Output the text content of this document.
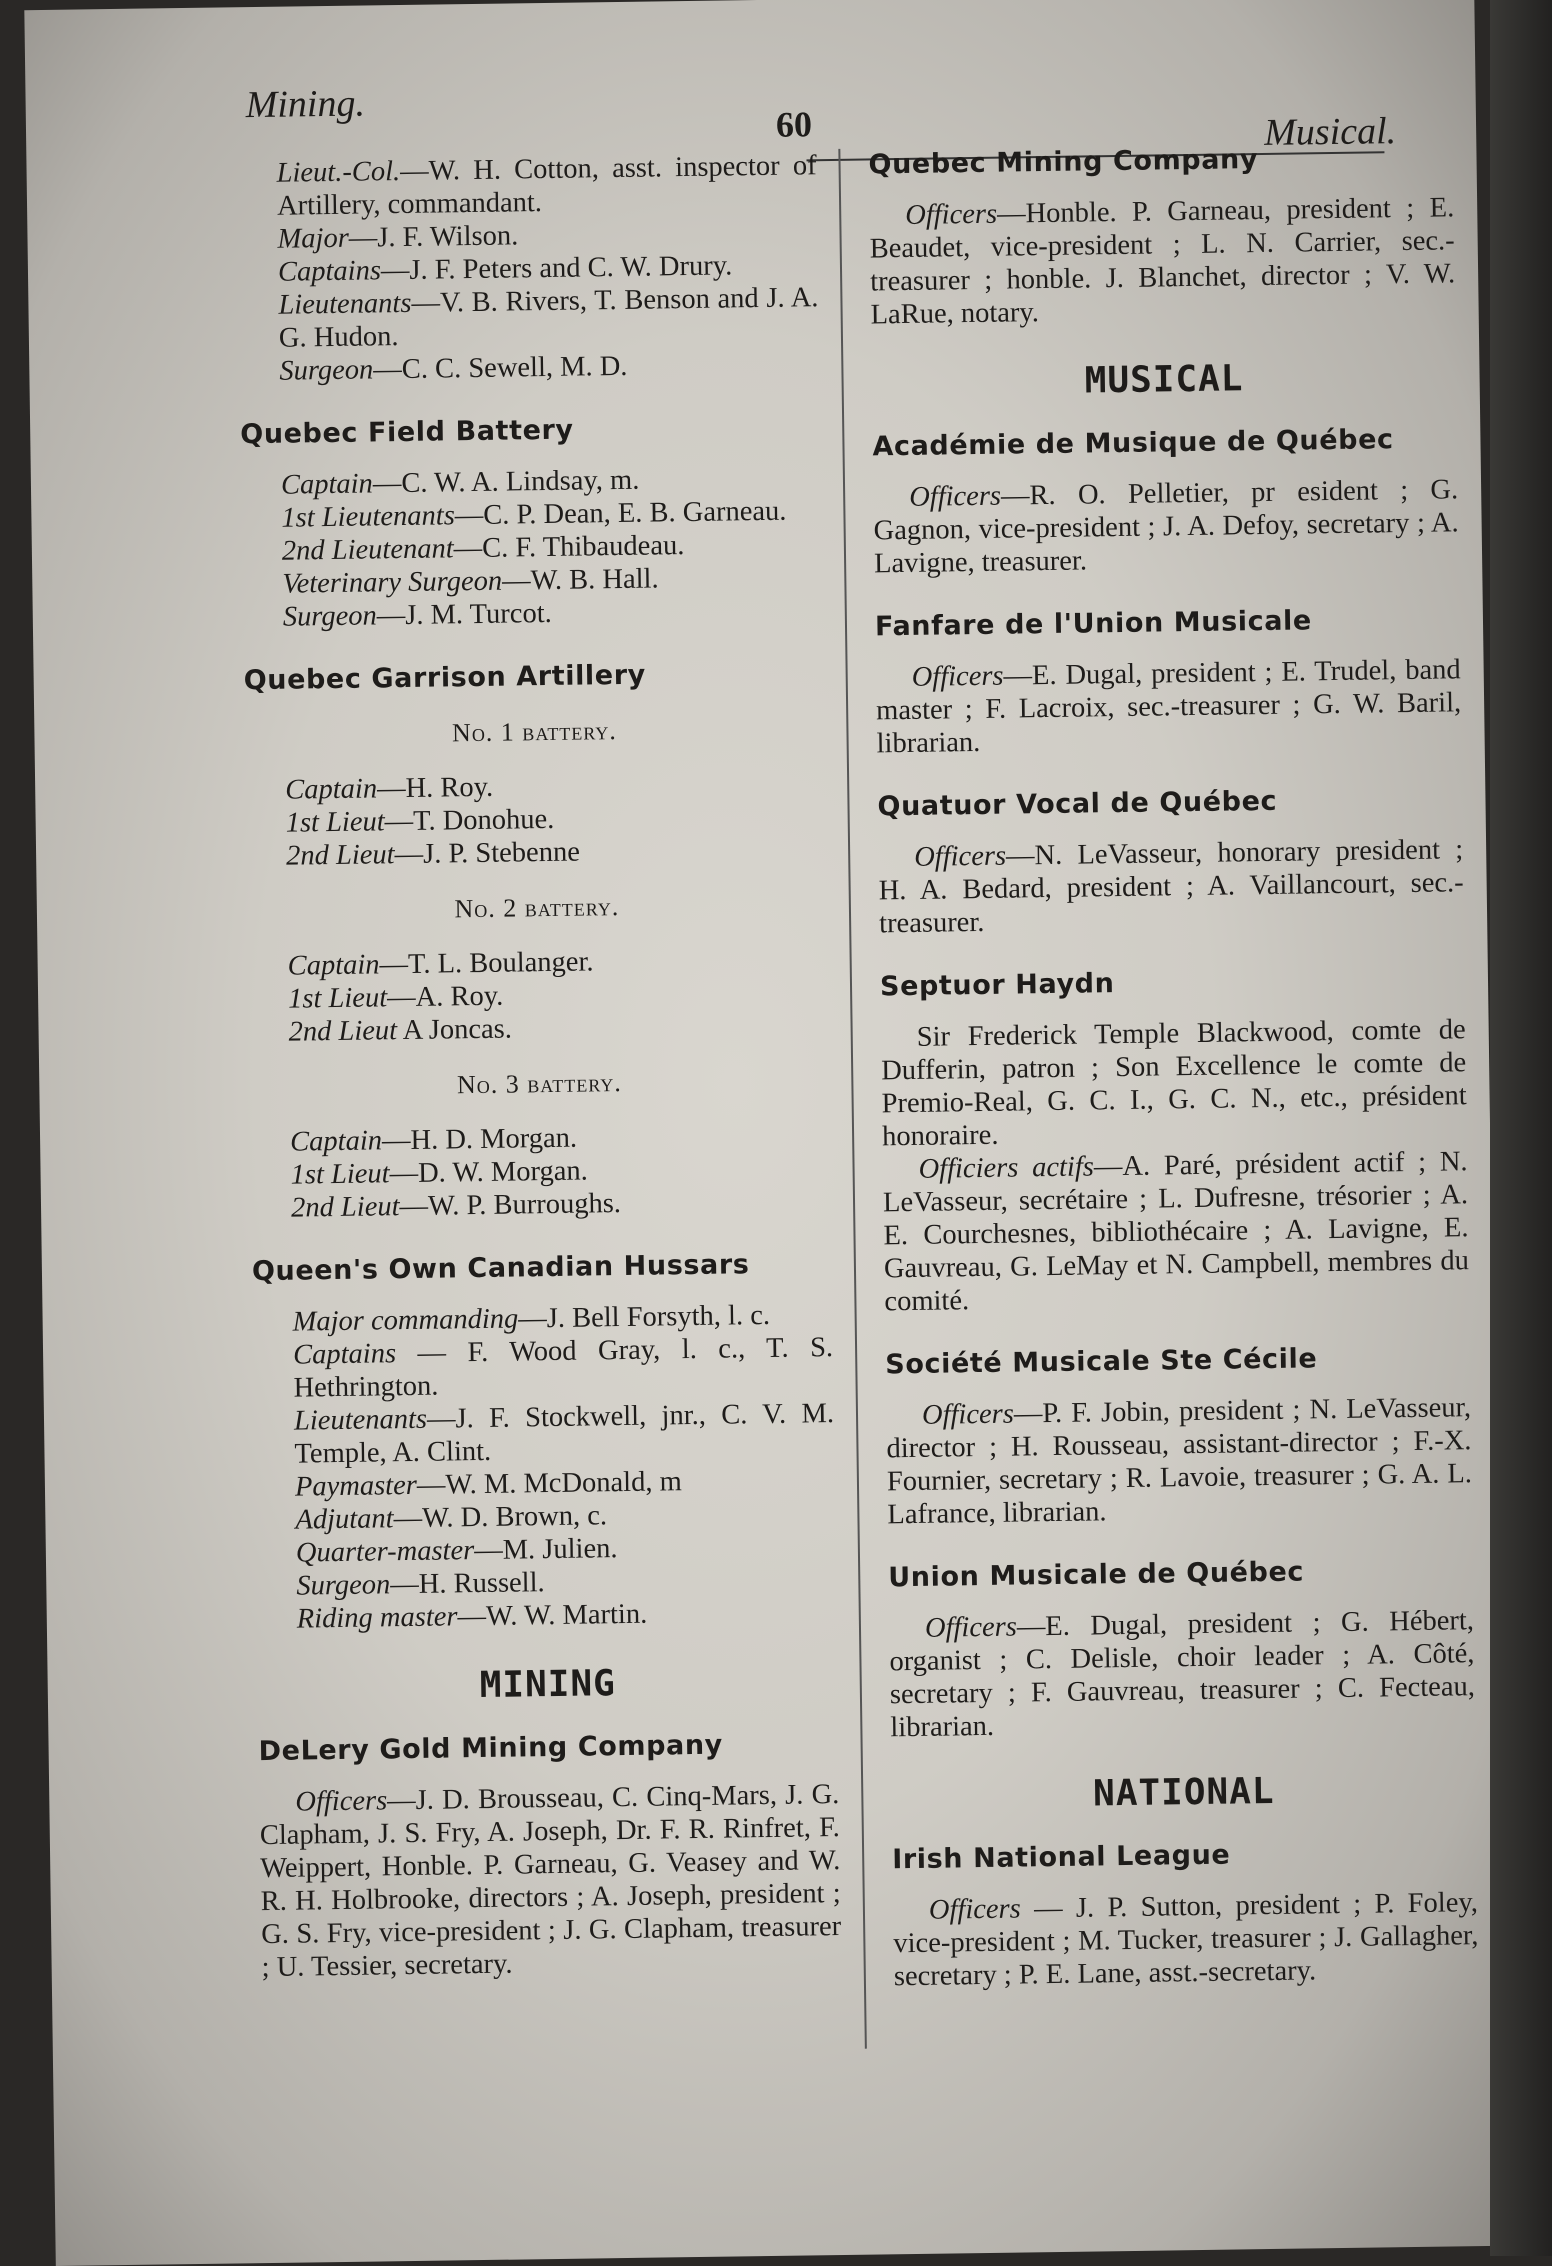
Mining.	60	Musical.

Lieut.-Col.—W. H. Cotton, asst. inspector of Artillery, commandant.

Major—J. F. Wilson.

Captains—J. F. Peters and C. W. Drury.

Lieutenants—V. B. Rivers, T. Benson and J. A. G. Hudon.

Surgeon—C. C. Sewell, M. D.

Quebec Field Battery

Captain—C. W. A. Lindsay, m.

1st Lieutenants—C. P. Dean, E. B. Garneau.

2nd Lieutenant—C. F. Thibaudeau.

Veterinary Surgeon—W. B. Hall.

Surgeon—J. M. Turcot.

Quebec Garrison Artillery
No. 1 battery.

Captain—H. Roy.

1st Lieut—T. Donohue.

2nd Lieut—J. P. Stebenne

No. 2 battery.

Captain—T. L. Boulanger.

1st Lieut—A. Roy.

2nd Lieut A Joncas.

No. 3 battery.

Captain—H. D. Morgan.

1st Lieut—D. W. Morgan.

2nd Lieut—W. P. Burroughs.

Queen's Own Canadian Hussars

Major commanding—J. Bell Forsyth, l. c.

Captains — F. Wood Gray, l. c., T. S. Hethrington.

Lieutenants—J. F. Stockwell, jnr., C. V. M. Temple, A. Clint.

Paymaster—W. M. McDonald, m

Adjutant—W. D. Brown, c.

Quarter-master—M. Julien.

Surgeon—H. Russell.

Riding master—W. W. Martin.

MINING
DeLery Gold Mining Company

Officers—J. D. Brousseau, C. Cinq-Mars, J. G. Clapham, J. S. Fry, A. Joseph, Dr. F. R. Rinfret, F. Weippert, Honble. P. Garneau, G. Veasey and W. R. H. Holbrooke, directors ; A. Joseph, president ; G. S. Fry, vice-president ; J. G. Clapham, treasurer ; U. Tessier, secretary.

Quebec Mining Company

Officers—Honble. P. Garneau, president ; E. Beaudet, vice-president ; L. N. Carrier, sec.-treasurer ; honble. J. Blanchet, director ; V. W. LaRue, notary.

MUSICAL
Académie de Musique de Québec

Officers—R. O. Pelletier, pr esident ; G. Gagnon, vice-president ; J. A. Defoy, secretary ; A. Lavigne, treasurer.

Fanfare de l'Union Musicale

Officers—E. Dugal, president ; E. Trudel, band master ; F. Lacroix, sec.-treasurer ; G. W. Baril, librarian.

Quatuor Vocal de Québec

Officers—N. LeVasseur, honorary president ; H. A. Bedard, president ; A. Vaillancourt, sec.-treasurer.

Septuor Haydn

Sir Frederick Temple Blackwood, comte de Dufferin, patron ; Son Excellence le comte de Premio-Real, G. C. I., G. C. N., etc., président honoraire.

Officiers actifs—A. Paré, président actif ; N. LeVasseur, secrétaire ; L. Dufresne, trésorier ; A. E. Courchesnes, bibliothécaire ; A. Lavigne, E. Gauvreau, G. LeMay et N. Campbell, membres du comité.

Société Musicale Ste Cécile

Officers—P. F. Jobin, president ; N. LeVasseur, director ; H. Rousseau, assistant-director ; F.-X. Fournier, secretary ; R. Lavoie, treasurer ; G. A. L. Lafrance, librarian.

Union Musicale de Québec

Officers—E. Dugal, president ; G. Hébert, organist ; C. Delisle, choir leader ; A. Côté, secretary ; F. Gauvreau, treasurer ; C. Fecteau, librarian.

NATIONAL
Irish National League

Officers — J. P. Sutton, president ; P. Foley, vice-president ; M. Tucker, treasurer ; J. Gallagher, secretary ; P. E. Lane, asst.-secretary.
